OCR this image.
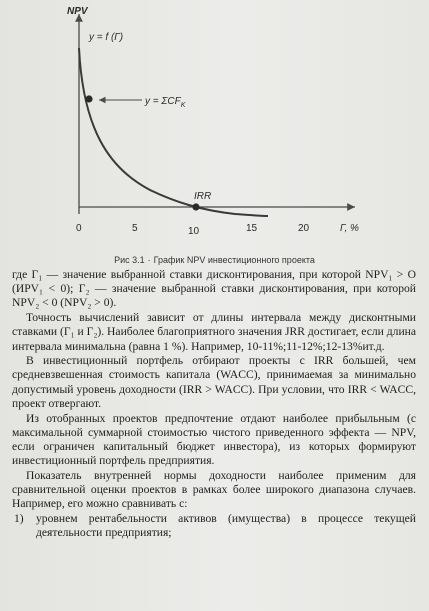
NPV
y = f (Г)
$y = \Sigma CF_K$
IRR
0	5	10	15	20	Г, %
Рис 3.1 · График NPV инвестиционного проекта

где Г₁ — значение выбранной ставки дисконтирования, при которой NPV₁ > О (ИPV₁ < 0); Г₂ — значение выбранной ставки дисконтирования, при которой NPV₂ < 0 (NPV₂ > 0).

Точность вычислений зависит от длины интервала между дисконтными ставками (Г₁ и Г₂). Наиболее благоприятного значения JRR достигает, если длина интервала минимальна (равна 1 %). Например, 10-11%;11-12%;12-13%ит.д.

В инвестиционный портфель отбирают проекты с IRR большей, чем средневзвешенная стоимость капитала (WACC), принимаемая за минимально допустимый уровень доходности (IRR > WACC). При условии, что IRR < WACC, проект отвергают.

Из отобранных проектов предпочтение отдают наиболее прибыльным (с максимальной суммарной стоимостью чистого приведенного эффекта — NPV, если ограничен капитальный бюджет инвестора), из которых формируют инвестиционный портфель предприятия.

Показатель внутренней нормы доходности наиболее применим для сравнительной оценки проектов в рамках более широкого диапазона случаев. Например, его можно сравнивать с:

1)	уровнем рентабельности активов (имущества) в процессе текущей деятельности предприятия;
